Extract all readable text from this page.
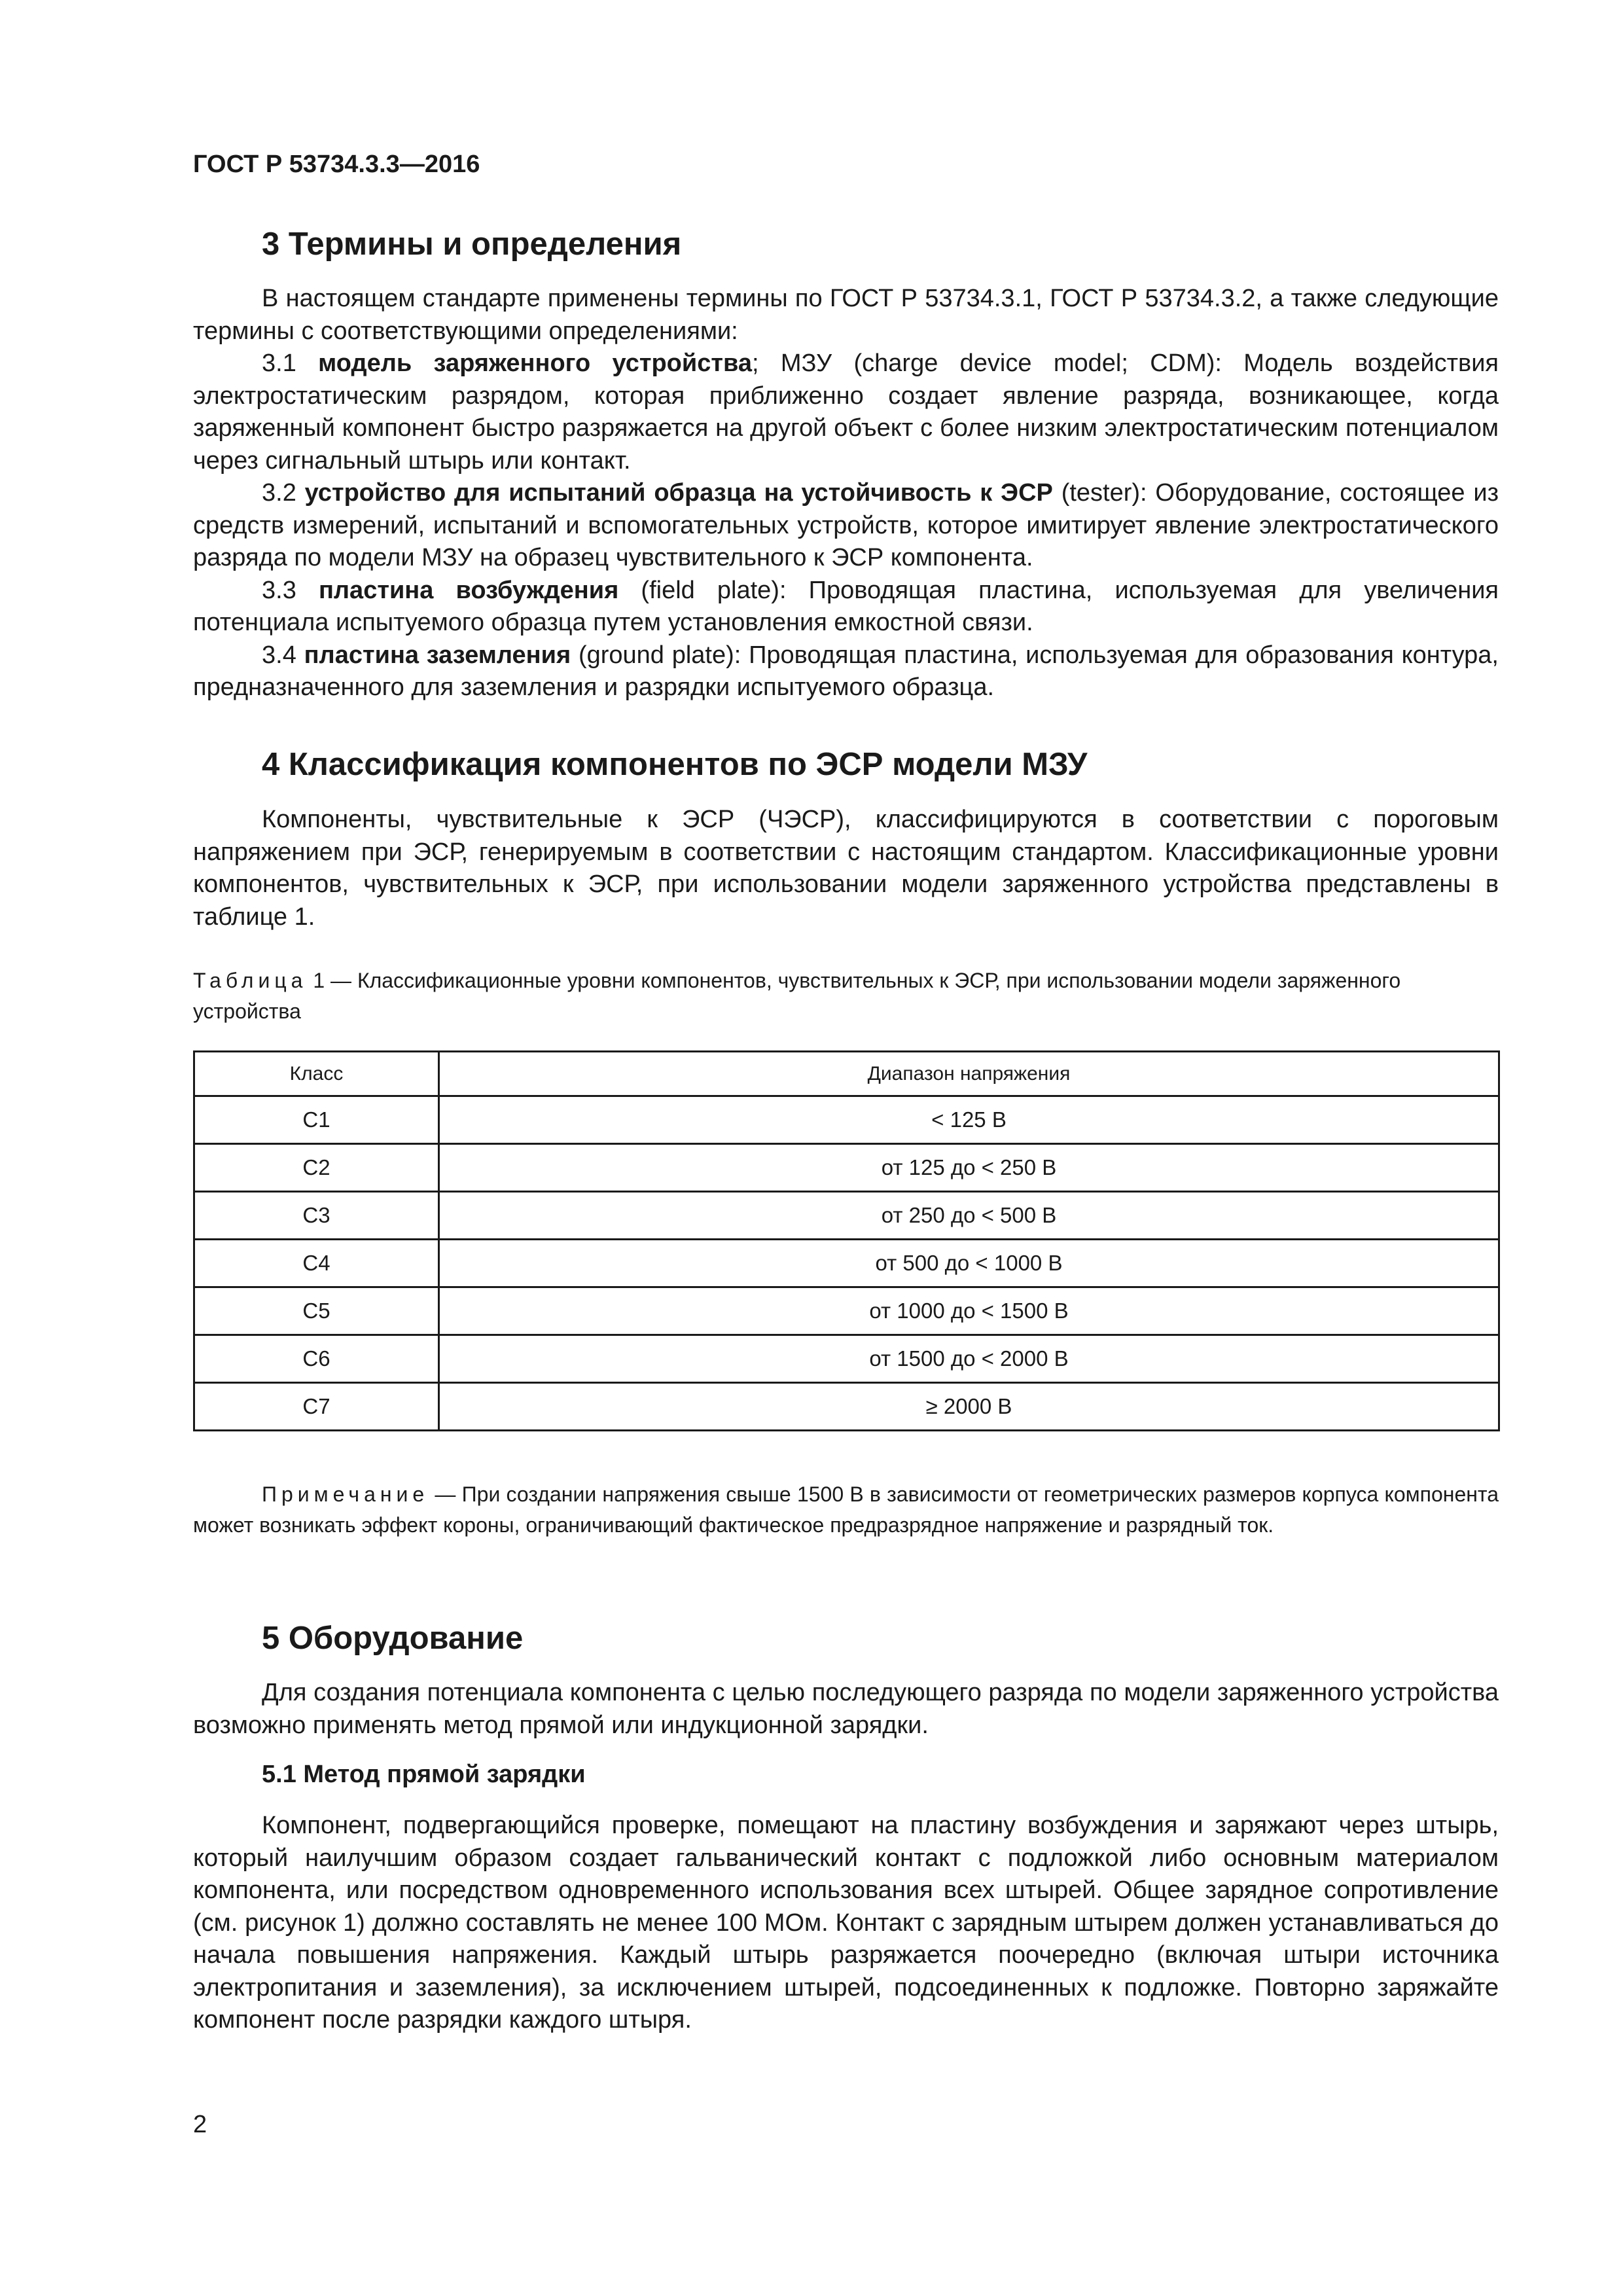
ГОСТ Р 53734.3.3—2016
3 Термины и определения
В настоящем стандарте применены термины по ГОСТ Р 53734.3.1, ГОСТ Р 53734.3.2, а также следующие термины с соответствующими определениями:
3.1 модель заряженного устройства; МЗУ (charge device model; CDM): Модель воздействия электростатическим разрядом, которая приближенно создает явление разряда, возникающее, когда заряженный компонент быстро разряжается на другой объект с более низким электростатическим потенциалом через сигнальный штырь или контакт.
3.2 устройство для испытаний образца на устойчивость к ЭСР (tester): Оборудование, состоящее из средств измерений, испытаний и вспомогательных устройств, которое имитирует явление электростатического разряда по модели МЗУ на образец чувствительного к ЭСР компонента.
3.3 пластина возбуждения (field plate): Проводящая пластина, используемая для увеличения потенциала испытуемого образца путем установления емкостной связи.
3.4 пластина заземления (ground plate): Проводящая пластина, используемая для образования контура, предназначенного для заземления и разрядки испытуемого образца.
4 Классификация компонентов по ЭСР модели МЗУ
Компоненты, чувствительные к ЭСР (ЧЭСР), классифицируются в соответствии с пороговым напряжением при ЭСР, генерируемым в соответствии с настоящим стандартом. Классификационные уровни компонентов, чувствительных к ЭСР, при использовании модели заряженного устройства представлены в таблице 1.
Таблица 1 — Классификационные уровни компонентов, чувствительных к ЭСР, при использовании модели заряженного устройства
Класс	Диапазон напряжения
C1	< 125 В
C2	от 125 до < 250 В
C3	от 250 до < 500 В
C4	от 500 до < 1000 В
C5	от 1000 до < 1500 В
C6	от 1500 до < 2000 В
C7	≥ 2000 В
Примечание — При создании напряжения свыше 1500 В в зависимости от геометрических размеров корпуса компонента может возникать эффект короны, ограничивающий фактическое предразрядное напряжение и разрядный ток.
5 Оборудование
Для создания потенциала компонента с целью последующего разряда по модели заряженного устройства возможно применять метод прямой или индукционной зарядки.
5.1 Метод прямой зарядки
Компонент, подвергающийся проверке, помещают на пластину возбуждения и заряжают через штырь, который наилучшим образом создает гальванический контакт с подложкой либо основным материалом компонента, или посредством одновременного использования всех штырей. Общее зарядное сопротивление (см. рисунок 1) должно составлять не менее 100 МОм. Контакт с зарядным штырем должен устанавливаться до начала повышения напряжения. Каждый штырь разряжается поочередно (включая штыри источника электропитания и заземления), за исключением штырей, подсоединенных к подложке. Повторно заряжайте компонент после разрядки каждого штыря.
2
